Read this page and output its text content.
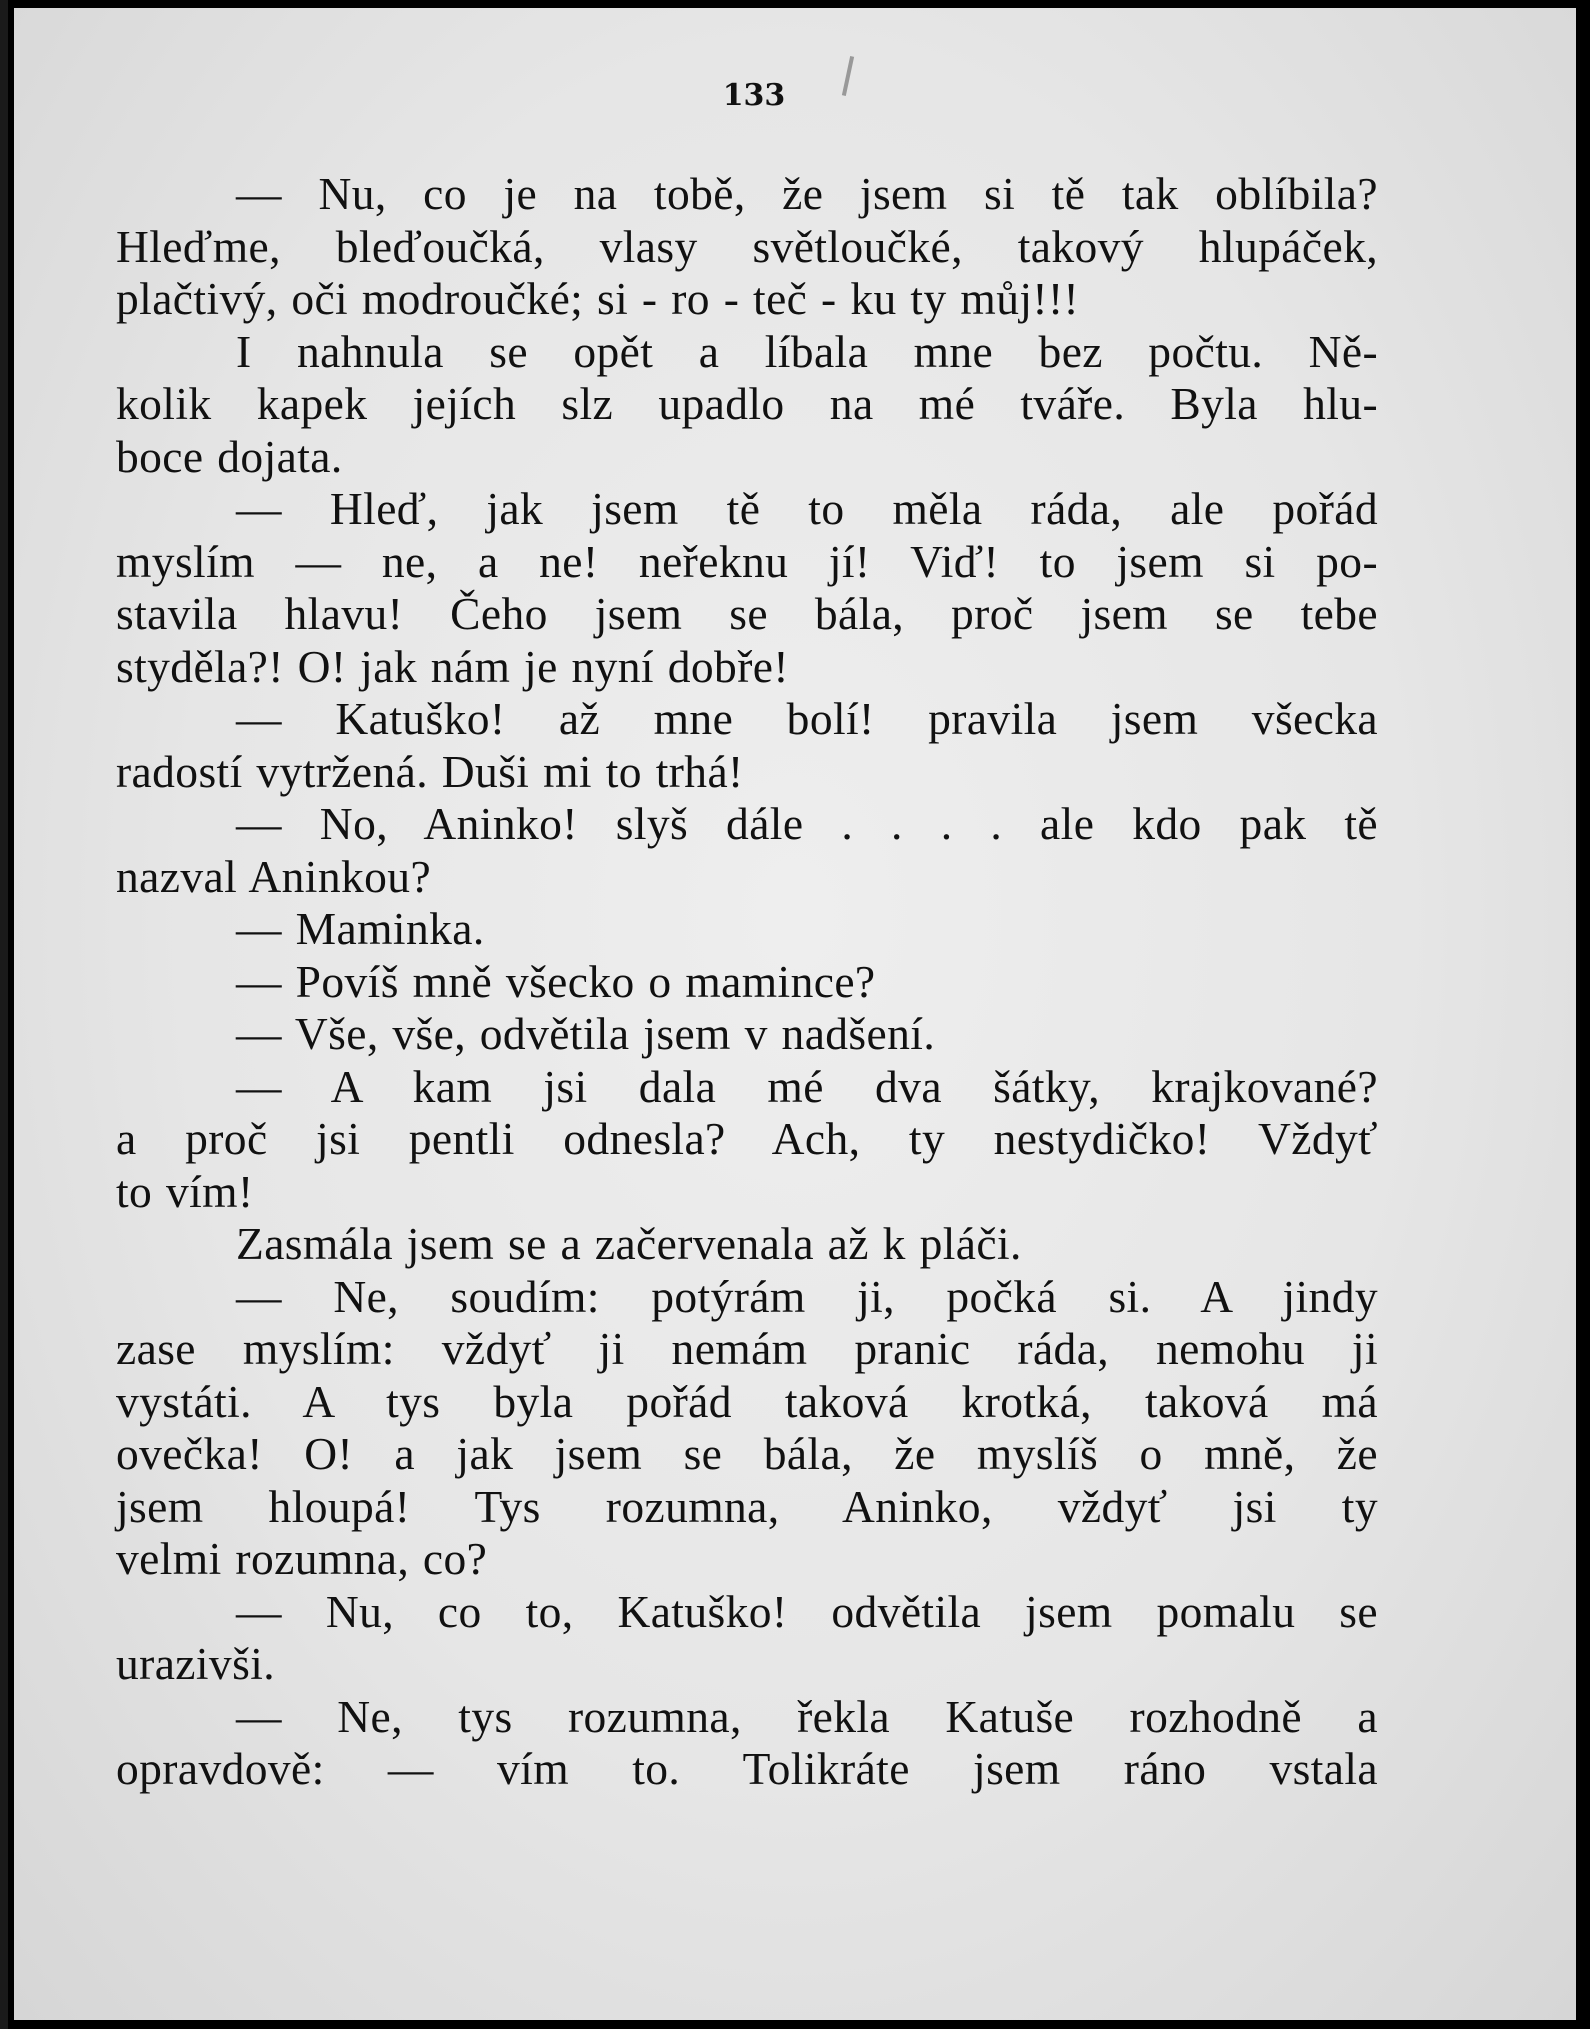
133
— Nu, co je na tobě, že jsem si tě tak oblíbila?
Hleďme, bleďoučká, vlasy světloučké, takový hlupáček,
plačtivý, oči modroučké; si - ro - teč - ku ty můj!!!
I nahnula se opět a líbala mne bez počtu. Ně-
kolik kapek jejích slz upadlo na mé tváře. Byla hlu-
boce dojata.
— Hleď, jak jsem tě to měla ráda, ale pořád
myslím — ne, a ne! neřeknu jí! Viď! to jsem si po-
stavila hlavu! Čeho jsem se bála, proč jsem se tebe
styděla?! O! jak nám je nyní dobře!
— Katuško! až mne bolí! pravila jsem všecka
radostí vytržená. Duši mi to trhá!
— No, Aninko! slyš dále . . . . ale kdo pak tě
nazval Aninkou?
— Maminka.
— Povíš mně všecko o mamince?
— Vše, vše, odvětila jsem v nadšení.
— A kam jsi dala mé dva šátky, krajkované?
a proč jsi pentli odnesla? Ach, ty nestydičko! Vždyť
to vím!
Zasmála jsem se a začervenala až k pláči.
— Ne, soudím: potýrám ji, počká si. A jindy
zase myslím: vždyť ji nemám pranic ráda, nemohu ji
vystáti. A tys byla pořád taková krotká, taková má
ovečka! O! a jak jsem se bála, že myslíš o mně, že
jsem hloupá! Tys rozumna, Aninko, vždyť jsi ty
velmi rozumna, co?
— Nu, co to, Katuško! odvětila jsem pomalu se
urazivši.
— Ne, tys rozumna, řekla Katuše rozhodně a
opravdově: — vím to. Tolikráte jsem ráno vstala
